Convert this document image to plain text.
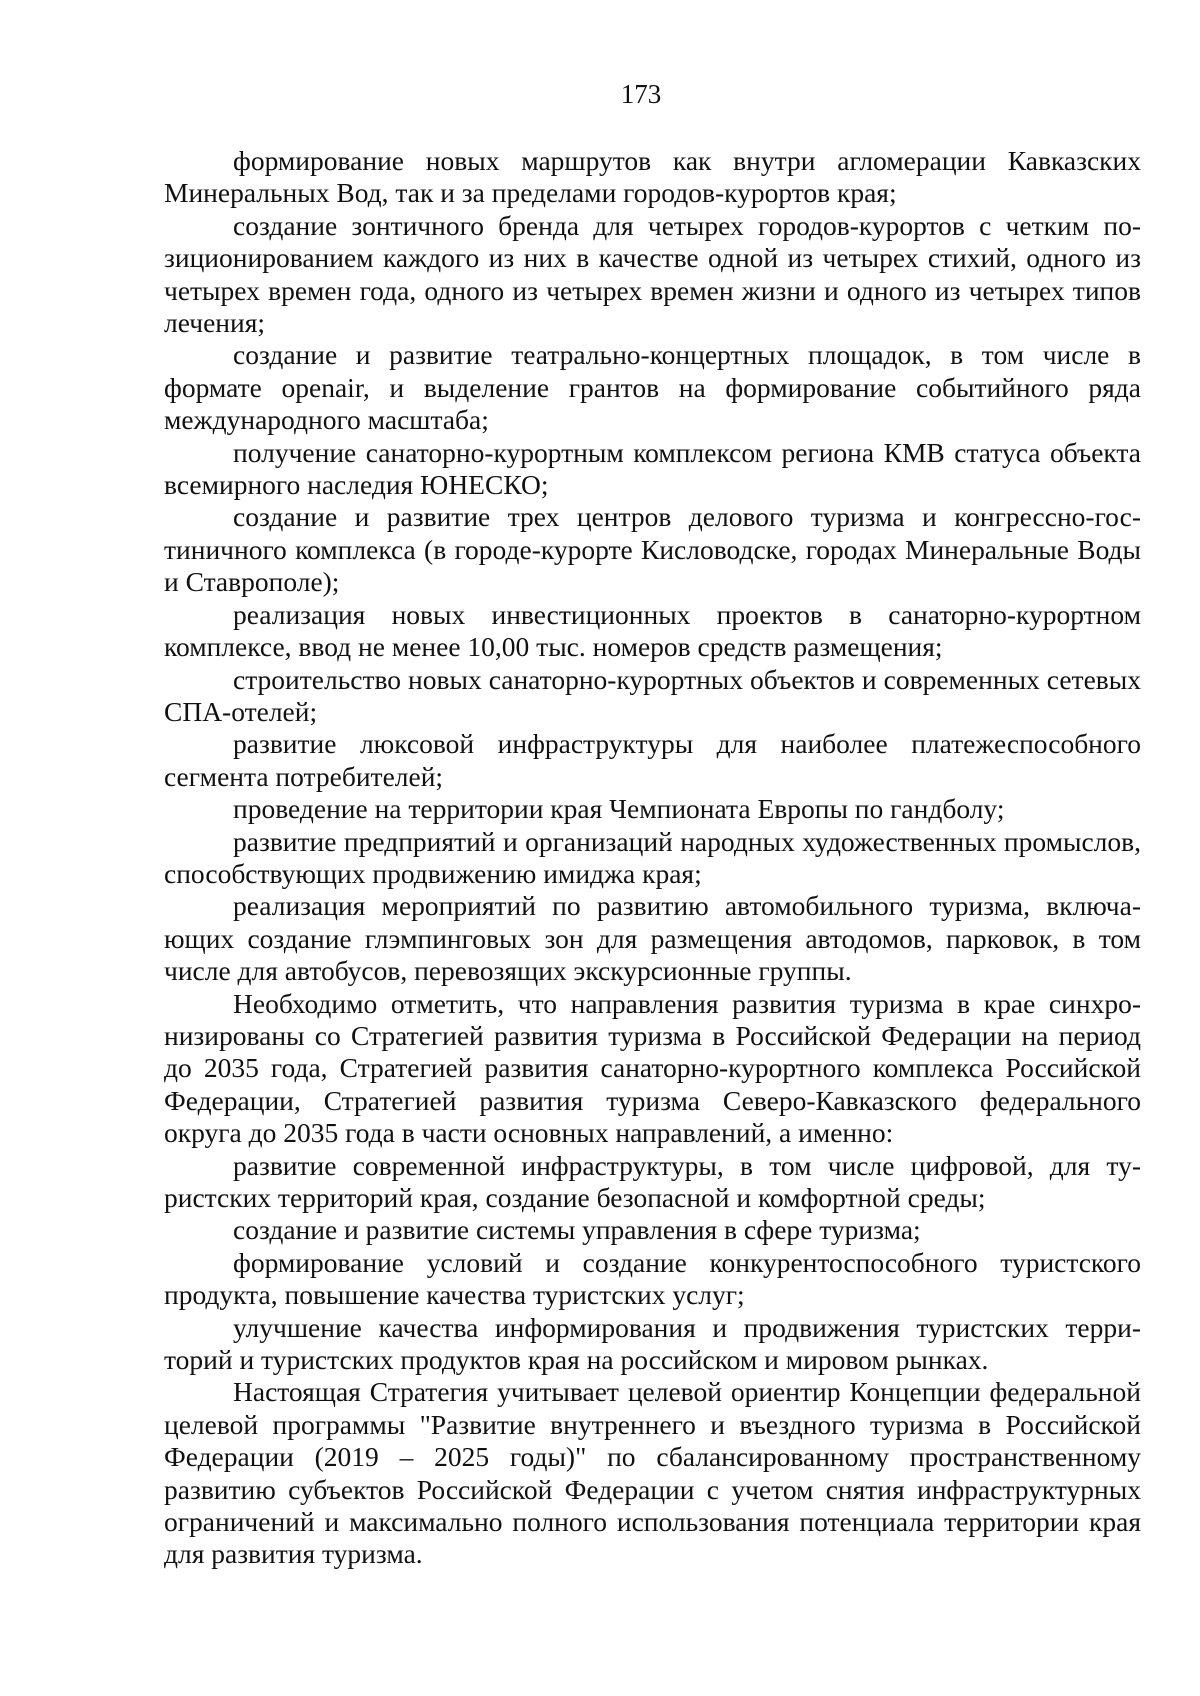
173

формирование новых маршрутов как внутри агломерации Кавказских Минеральных Вод, так и за пределами городов-курортов края;

создание зонтичного бренда для четырех городов-курортов с четким позиционированием каждого из них в качестве одной из четырех стихий, одного из четырех времен года, одного из четырех времен жизни и одного из четырех типов лечения;

создание и развитие театрально-концертных площадок, в том числе в формате openair, и выделение грантов на формирование событийного ряда международного масштаба;

получение санаторно-курортным комплексом региона КМВ статуса объекта всемирного наследия ЮНЕСКО;

создание и развитие трех центров делового туризма и конгрессно-гостиничного комплекса (в городе-курорте Кисловодске, городах Минеральные Воды и Ставрополе);

реализация новых инвестиционных проектов в санаторно-курортном комплексе, ввод не менее 10,00 тыс. номеров средств размещения;

строительство новых санаторно-курортных объектов и современных сетевых СПА-отелей;

развитие люксовой инфраструктуры для наиболее платежеспособного сегмента потребителей;

проведение на территории края Чемпионата Европы по гандболу;

развитие предприятий и организаций народных художественных промыслов, способствующих продвижению имиджа края;

реализация мероприятий по развитию автомобильного туризма, включающих создание глэмпинговых зон для размещения автодомов, парковок, в том числе для автобусов, перевозящих экскурсионные группы.

Необходимо отметить, что направления развития туризма в крае синхронизированы со Стратегией развития туризма в Российской Федерации на период до 2035 года, Стратегией развития санаторно-курортного комплекса Российской Федерации, Стратегией развития туризма Северо-Кавказского федерального округа до 2035 года в части основных направлений, а именно:

развитие современной инфраструктуры, в том числе цифровой, для туристских территорий края, создание безопасной и комфортной среды;

создание и развитие системы управления в сфере туризма;

формирование условий и создание конкурентоспособного туристского продукта, повышение качества туристских услуг;

улучшение качества информирования и продвижения туристских территорий и туристских продуктов края на российском и мировом рынках.

Настоящая Стратегия учитывает целевой ориентир Концепции федеральной целевой программы "Развитие внутреннего и въездного туризма в Российской Федерации (2019 – 2025 годы)" по сбалансированному пространственному развитию субъектов Российской Федерации с учетом снятия инфраструктурных ограничений и максимально полного использования потенциала территории края для развития туризма.
